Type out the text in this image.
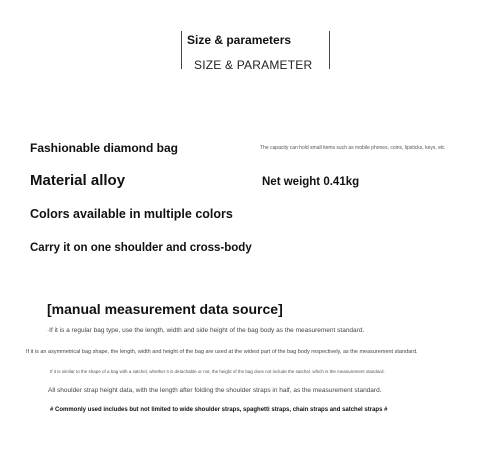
Size & parameters
SIZE & PARAMETER
Fashionable diamond bag	The capacity can hold small items such as mobile phones, coins, lipsticks, keys, etc
Material alloy	Net weight 0.41kg
Colors available in multiple colors
Carry it on one shoulder and cross-body
[manual measurement data source]
·If it is a regular bag type, use the length, width and side height of the bag body as the measurement standard.
If it is an asymmetrical bag shape, the length, width and height of the bag are used at the widest part of the bag body respectively, as the measurement standard.
If it is similar to the shape of a bag with a satchel, whether it is detachable or not, the height of the bag does not include the satchel, which is the measurement standard.
All shoulder strap height data, with the length after folding the shoulder straps in half, as the measurement standard.
# Commonly used includes but not limited to wide shoulder straps, spaghetti straps, chain straps and satchel straps #
